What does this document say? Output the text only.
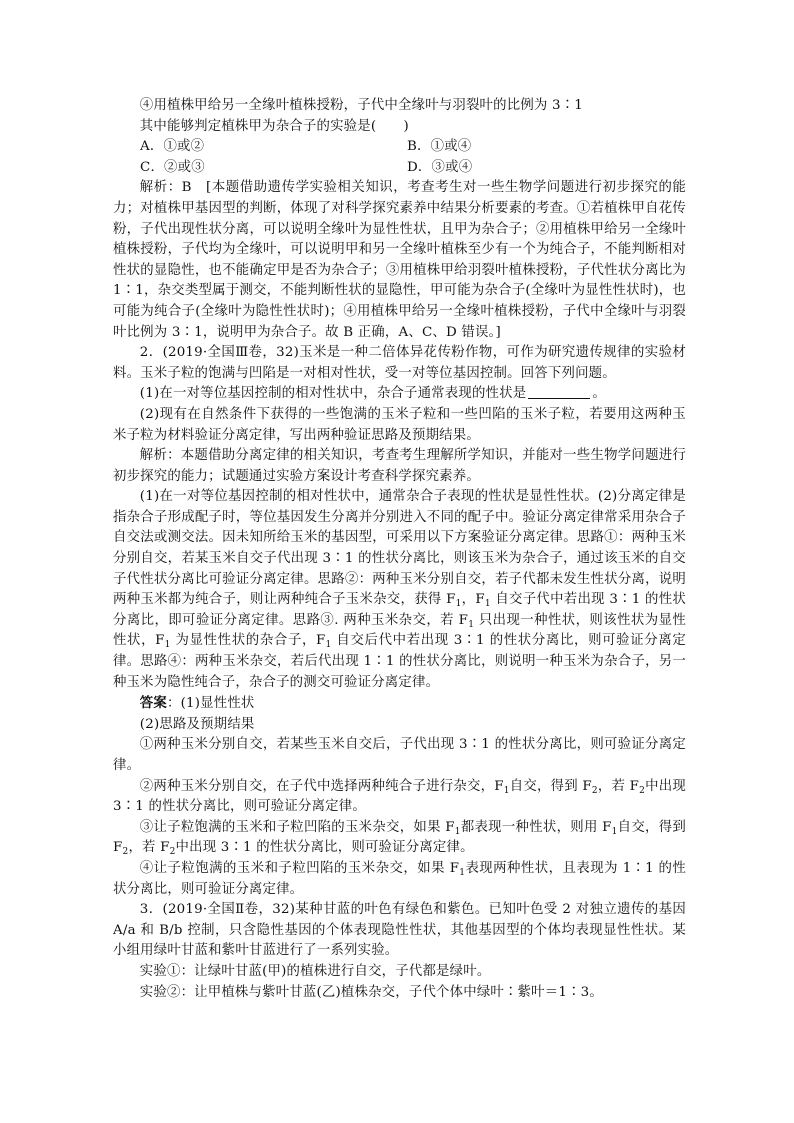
④用植株甲给另一全缘叶植株授粉，子代中全缘叶与羽裂叶的比例为 3∶1

其中能够判定植株甲为杂合子的实验是(　　)

A．①或②	B．①或④
C．②或③	D．③或④

解析：B　[本题借助遗传学实验相关知识，考查考生对一些生物学问题进行初步探究的能力；对植株甲基因型的判断，体现了对科学探究素养中结果分析要素的考查。①若植株甲自花传粉，子代出现性状分离，可以说明全缘叶为显性性状，且甲为杂合子；②用植株甲给另一全缘叶植株授粉，子代均为全缘叶，可以说明甲和另一全缘叶植株至少有一个为纯合子，不能判断相对性状的显隐性，也不能确定甲是否为杂合子；③用植株甲给羽裂叶植株授粉，子代性状分离比为 1∶1，杂交类型属于测交，不能判断性状的显隐性，甲可能为杂合子(全缘叶为显性性状时)，也可能为纯合子(全缘叶为隐性性状时)；④用植株甲给另一全缘叶植株授粉，子代中全缘叶与羽裂叶比例为 3∶1，说明甲为杂合子。故 B 正确，A、C、D 错误。]

2．(2019·全国Ⅲ卷，32)玉米是一种二倍体异花传粉作物，可作为研究遗传规律的实验材料。玉米子粒的饱满与凹陷是一对相对性状，受一对等位基因控制。回答下列问题。

(1)在一对等位基因控制的相对性状中，杂合子通常表现的性状是	。

(2)现有在自然条件下获得的一些饱满的玉米子粒和一些凹陷的玉米子粒，若要用这两种玉米子粒为材料验证分离定律，写出两种验证思路及预期结果。

解析：本题借助分离定律的相关知识，考查考生理解所学知识，并能对一些生物学问题进行初步探究的能力；试题通过实验方案设计考查科学探究素养。

(1)在一对等位基因控制的相对性状中，通常杂合子表现的性状是显性性状。(2)分离定律是指杂合子形成配子时，等位基因发生分离并分别进入不同的配子中。验证分离定律常采用杂合子自交法或测交法。因未知所给玉米的基因型，可采用以下方案验证分离定律。思路①：两种玉米分别自交，若某玉米自交子代出现 3∶1 的性状分离比，则该玉米为杂合子，通过该玉米的自交子代性状分离比可验证分离定律。思路②：两种玉米分别自交，若子代都未发生性状分离，说明两种玉米都为纯合子，则让两种纯合子玉米杂交，获得 $F_1$，$F_1$ 自交子代中若出现 3∶1 的性状分离比，即可验证分离定律。思路③. 两种玉米杂交，若 $F_1$ 只出现一种性状，则该性状为显性性状，$F_1$ 为显性性状的杂合子，$F_1$ 自交后代中若出现 3∶1 的性状分离比，则可验证分离定律。思路④：两种玉米杂交，若后代出现 1∶1 的性状分离比，则说明一种玉米为杂合子，另一种玉米为隐性纯合子，杂合子的测交可验证分离定律。

答案：(1)显性性状

(2)思路及预期结果

①两种玉米分别自交，若某些玉米自交后，子代出现 3∶1 的性状分离比，则可验证分离定律。

②两种玉米分别自交，在子代中选择两种纯合子进行杂交，$F_1$自交，得到 $F_2$，若 $F_2$中出现 3∶1 的性状分离比，则可验证分离定律。

③让子粒饱满的玉米和子粒凹陷的玉米杂交，如果 $F_1$都表现一种性状，则用 $F_1$自交，得到 $F_2$，若 $F_2$中出现 3∶1 的性状分离比，则可验证分离定律。

④让子粒饱满的玉米和子粒凹陷的玉米杂交，如果 $F_1$表现两种性状，且表现为 1∶1 的性状分离比，则可验证分离定律。

3．(2019·全国Ⅱ卷，32)某种甘蓝的叶色有绿色和紫色。已知叶色受 2 对独立遗传的基因 A/a 和 B/b 控制，只含隐性基因的个体表现隐性性状，其他基因型的个体均表现显性性状。某小组用绿叶甘蓝和紫叶甘蓝进行了一系列实验。

实验①：让绿叶甘蓝(甲)的植株进行自交，子代都是绿叶。

实验②：让甲植株与紫叶甘蓝(乙)植株杂交，子代个体中绿叶∶紫叶＝1∶3。
